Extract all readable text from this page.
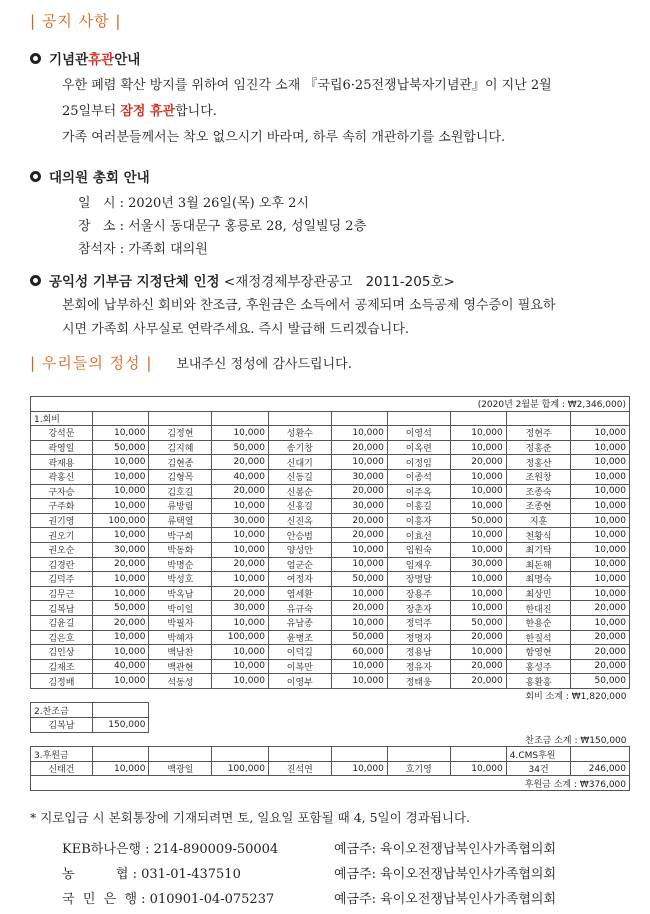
| 공지 사항 |
기념관 휴관 안내
우한 폐렴 확산 방지를 위하여 임진각 소재 『국립6·25전쟁납북자기념관』이 지난 2월
25일부터 잠정 휴관합니다.
가족 여러분들께서는 착오 없으시기 바라며, 하루 속히 개관하기를 소원합니다.
대의원 총회 안내
일   시 : 2020년 3월 26일(목) 오후 2시
장   소 : 서울시 동대문구 홍릉로 28, 성일빌딩 2층
참석자 : 가족회 대의원
공익성 기부금 지정단체 인정 <재정경제부장관공고   2011-205호>
본회에 납부하신 회비와 찬조금, 후원금은 소득에서 공제되며 소득공제 영수증이 필요하
시면 가족회 사무실로 연락주세요. 즉시 발급해 드리겠습니다.
| 우리들의 정성 | 보내주신 정성에 감사드립니다.
(2020년 2월분 합계 : ₩2,346,000)									
1.회비									
강석문	10,000	김정현	10,000	성환수	10,000	이영석	10,000	정현주	10,000
곽영일	50,000	김지혜	50,000	송기창	20,000	이옥련	10,000	정홍준	10,000
곽재용	10,000	김현종	20,000	신대기	10,000	이정임	20,000	정홍산	10,000
곽홍신	10,000	김형목	40,000	신동길	30,000	이종석	10,000	조원창	10,000
구자승	10,000	김호길	20,000	신봉순	20,000	이주옥	10,000	조종숙	10,000
구주화	10,000	류방림	10,000	신홍길	30,000	이홍길	10,000	조종현	10,000
권기영	100,000	류택열	30,000	신진옥	20,000	이흥자	50,000	지훈	10,000
권오기	10,000	박구희	10,000	안승범	20,000	이효선	10,000	천황식	10,000
권오순	30,000	박동화	10,000	양성안	10,000	임원숙	10,000	최기탁	10,000
김경란	20,000	박명순	20,000	엄군순	10,000	임재우	30,000	최돈해	10,000
김덕주	10,000	박성호	10,000	여정자	50,000	장명달	10,000	최명숙	10,000
김무근	10,000	박옥남	20,000	염세환	10,000	장용주	10,000	최상민	10,000
김복남	50,000	박이일	30,000	유규숙	20,000	장춘자	10,000	한대진	20,000
김윤길	20,000	박필자	10,000	유남종	10,000	정덕주	50,000	한용순	10,000
김은호	10,000	박혜자	100,000	윤병조	50,000	정명자	20,000	한질석	20,000
김인상	10,000	백남찬	10,000	이덕길	60,000	정용남	10,000	함영현	20,000
김재조	40,000	백관현	10,000	이복만	10,000	정유자	20,000	홍성주	20,000
김정배	10,000	석동성	10,000	이영부	10,000	정태웅	20,000	홍환흥	50,000
회비 소계 : ₩1,820,000									
2.찬조금									
김복남	150,000								
찬조금 소계 : ₩150,000									
3.후원금								4.CMS후원	
신태건	10,000	백광일	100,000	진석연	10,000	호기영	10,000	34건	246,000
후원금 소계 : ₩376,000									
* 지로입금 시 본회통장에 기재되려면 토, 일요일 포함될 때 4, 5일이 경과됩니다.
KEB하나은행 : 214-890009-50004	예금주: 육이오전쟁납북인사가족협의회
농          협 : 031-01-437510	예금주: 육이오전쟁납북인사가족협의회
국  민  은  행 : 010901-04-075237	예금주: 육이오전쟁납북인사가족협의회
